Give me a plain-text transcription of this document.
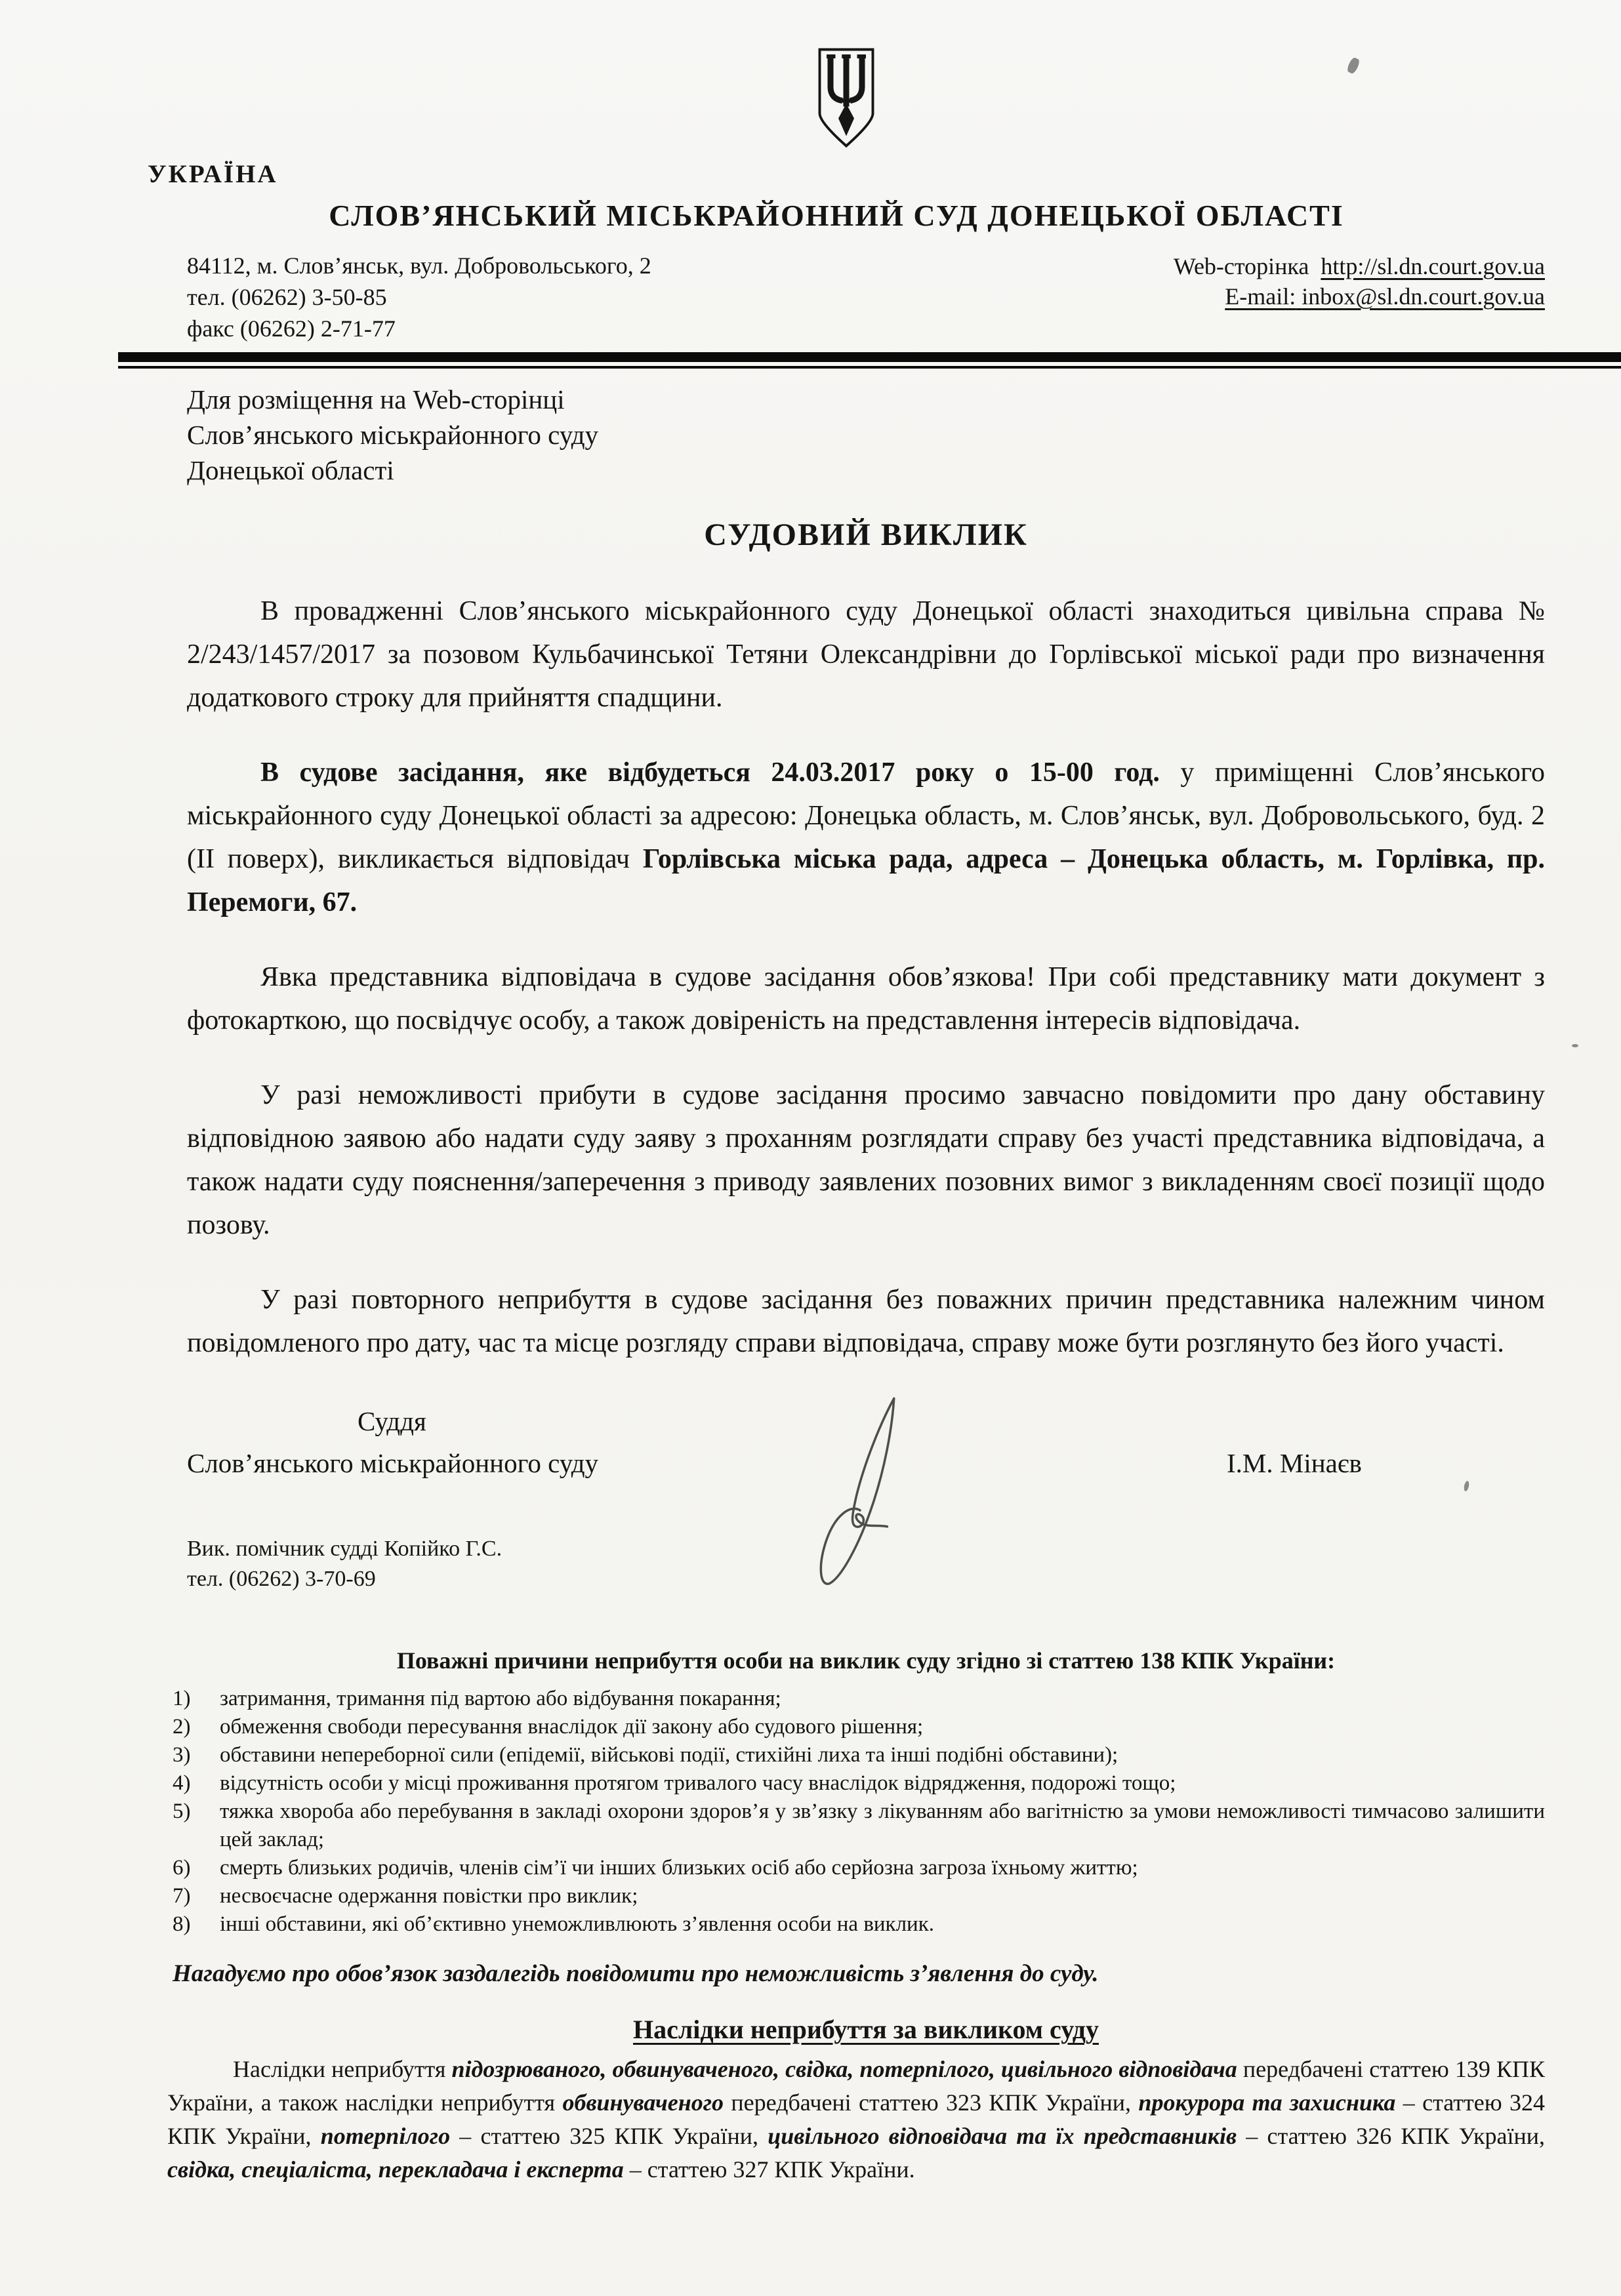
УКРАЇНА
СЛОВ’ЯНСЬКИЙ МІСЬКРАЙОННИЙ СУД ДОНЕЦЬКОЇ ОБЛАСТІ
84112, м. Слов’янськ, вул. Добровольського, 2
тел. (06262) 3-50-85
факс (06262) 2-71-77
Web-сторінка http://sl.dn.court.gov.ua
E-mail: inbox@sl.dn.court.gov.ua
Для розміщення на Web-сторінці
Слов’янського міськрайонного суду
Донецької області
СУДОВИЙ ВИКЛИК
В провадженні Слов’янського міськрайонного суду Донецької області знаходиться цивільна справа № 2/243/1457/2017 за позовом Кульбачинської Тетяни Олександрівни до Горлівської міської ради про визначення додаткового строку для прийняття спадщини.
В судове засідання, яке відбудеться 24.03.2017 року о 15-00 год. у приміщенні Слов’янського міськрайонного суду Донецької області за адресою: Донецька область, м. Слов’янськ, вул. Добровольського, буд. 2 (ІІ поверх), викликається відповідач Горлівська міська рада, адреса – Донецька область, м. Горлівка, пр. Перемоги, 67.
Явка представника відповідача в судове засідання обов’язкова! При собі представнику мати документ з фотокарткою, що посвідчує особу, а також довіреність на представлення інтересів відповідача.
У разі неможливості прибути в судове засідання просимо завчасно повідомити про дану обставину відповідною заявою або надати суду заяву з проханням розглядати справу без участі представника відповідача, а також надати суду пояснення/заперечення з приводу заявлених позовних вимог з викладенням своєї позиції щодо позову.
У разі повторного неприбуття в судове засідання без поважних причин представника належним чином повідомленого про дату, час та місце розгляду справи відповідача, справу може бути розглянуто без його участі.
Суддя
Слов’янського міськрайонного суду	І.М. Мінаєв
Вик. помічник судді Копійко Г.С.
тел. (06262) 3-70-69
Поважні причини неприбуття особи на виклик суду згідно зі статтею 138 КПК України:
1)	затримання, тримання під вартою або відбування покарання;
2)	обмеження свободи пересування внаслідок дії закону або судового рішення;
3)	обставини непереборної сили (епідемії, військові події, стихійні лиха та інші подібні обставини);
4)	відсутність особи у місці проживання протягом тривалого часу внаслідок відрядження, подорожі тощо;
5)	тяжка хвороба або перебування в закладі охорони здоров’я у зв’язку з лікуванням або вагітністю за умови неможливості тимчасово залишити цей заклад;
6)	смерть близьких родичів, членів сім’ї чи інших близьких осіб або серйозна загроза їхньому життю;
7)	несвоєчасне одержання повістки про виклик;
8)	інші обставини, які об’єктивно унеможливлюють з’явлення особи на виклик.
Нагадуємо про обов’язок заздалегідь повідомити про неможливість з’явлення до суду.
Наслідки неприбуття за викликом суду
Наслідки неприбуття підозрюваного, обвинуваченого, свідка, потерпілого, цивільного відповідача передбачені статтею 139 КПК України, а також наслідки неприбуття обвинуваченого передбачені статтею 323 КПК України, прокурора та захисника – статтею 324 КПК України, потерпілого – статтею 325 КПК України, цивільного відповідача та їх представників – статтею 326 КПК України, свідка, спеціаліста, перекладача і експерта – статтею 327 КПК України.
